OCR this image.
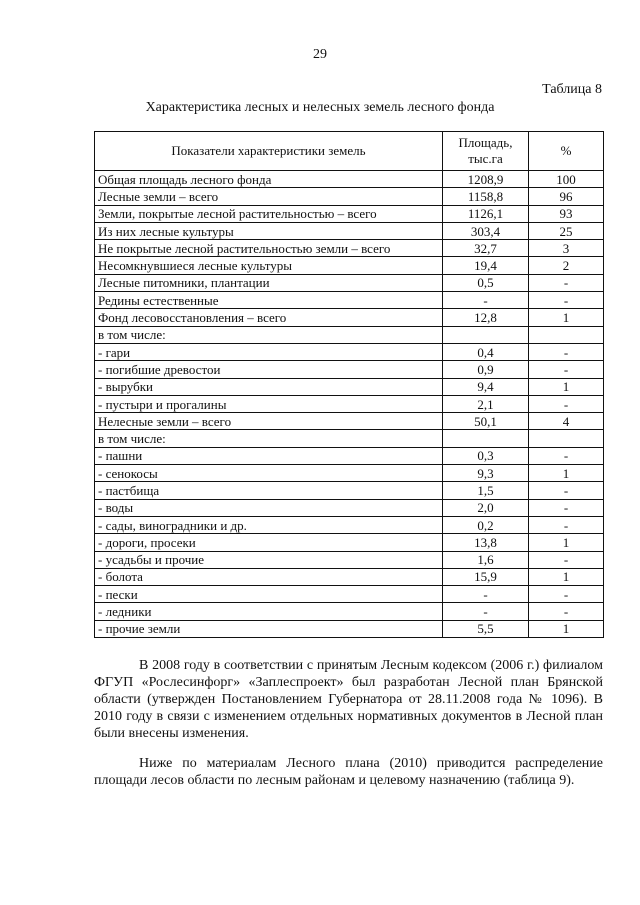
29
Таблица 8
Характеристика лесных и нелесных земель лесного фонда
Показатели характеристики земель	Площадь, тыс.га	%
Общая площадь лесного фонда	1208,9	100
Лесные земли – всего	1158,8	96
Земли, покрытые лесной растительностью – всего	1126,1	93
Из них лесные культуры	303,4	25
Не покрытые лесной растительностью земли – всего	32,7	3
Несомкнувшиеся лесные культуры	19,4	2
Лесные питомники, плантации	0,5	-
Редины естественные	-	-
Фонд лесовосстановления – всего	12,8	1
в том числе:		
- гари	0,4	-
- погибшие древостои	0,9	-
- вырубки	9,4	1
- пустыри и прогалины	2,1	-
Нелесные земли – всего	50,1	4
в том числе:		
- пашни	0,3	-
- сенокосы	9,3	1
- пастбища	1,5	-
- воды	2,0	-
- сады, виноградники и др.	0,2	-
- дороги, просеки	13,8	1
- усадьбы и прочие	1,6	-
- болота	15,9	1
- пески	-	-
- ледники	-	-
- прочие земли	5,5	1

В 2008 году в соответствии с принятым Лесным кодексом (2006 г.) филиалом ФГУП «Рослесинфорг» «Заплеспроект» был разработан Лесной план Брянской области (утвержден Постановлением Губернатора от 28.11.2008 года № 1096). В 2010 году в связи с изменением отдельных нормативных документов в Лесной план были внесены изменения.

Ниже по материалам Лесного плана (2010) приводится распределение площади лесов области по лесным районам и целевому назначению (таблица 9).
